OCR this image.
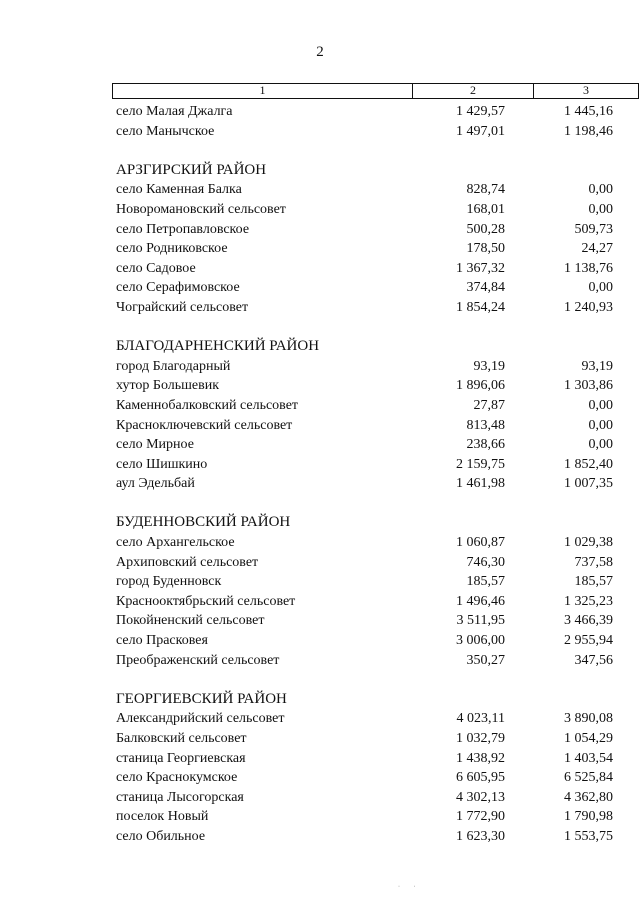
2
1	2	3
село Малая Джалга	1 429,57	1 445,16
село Манычское	1 497,01	1 198,46
АРЗГИРСКИЙ РАЙОН
село Каменная Балка	828,74	0,00
Новоромановский сельсовет	168,01	0,00
село Петропавловское	500,28	509,73
село Родниковское	178,50	24,27
село Садовое	1 367,32	1 138,76
село Серафимовское	374,84	0,00
Чограйский сельсовет	1 854,24	1 240,93
БЛАГОДАРНЕНСКИЙ РАЙОН
город Благодарный	93,19	93,19
хутор Большевик	1 896,06	1 303,86
Каменнобалковский сельсовет	27,87	0,00
Красноключевский сельсовет	813,48	0,00
село Мирное	238,66	0,00
село Шишкино	2 159,75	1 852,40
аул Эдельбай	1 461,98	1 007,35
БУДЕННОВСКИЙ РАЙОН
село Архангельское	1 060,87	1 029,38
Архиповский сельсовет	746,30	737,58
город Буденновск	185,57	185,57
Краснооктябрьский сельсовет	1 496,46	1 325,23
Покойненский сельсовет	3 511,95	3 466,39
село Прасковея	3 006,00	2 955,94
Преображенский сельсовет	350,27	347,56
ГЕОРГИЕВСКИЙ РАЙОН
Александрийский сельсовет	4 023,11	3 890,08
Балковский сельсовет	1 032,79	1 054,29
станица Георгиевская	1 438,92	1 403,54
село Краснокумское	6 605,95	6 525,84
станица Лысогорская	4 302,13	4 362,80
поселок Новый	1 772,90	1 790,98
село Обильное	1 623,30	1 553,75
· ·
